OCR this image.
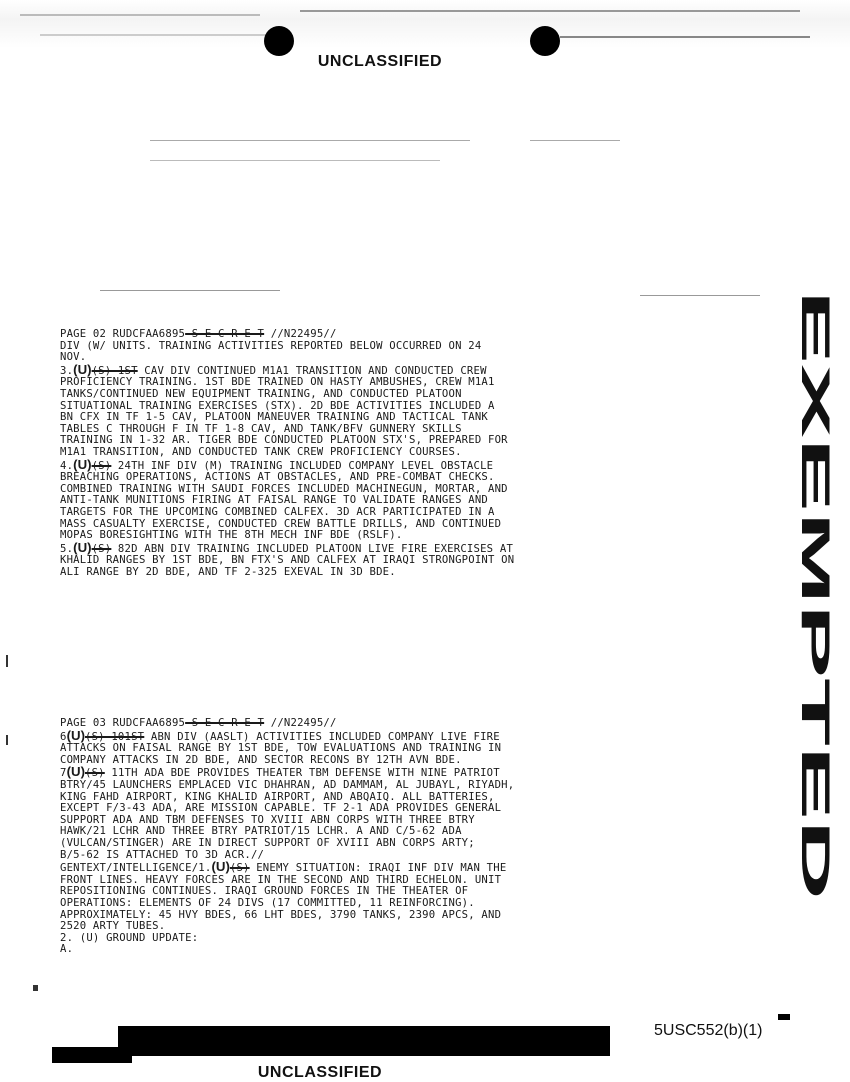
UNCLASSIFIED
PAGE 02 RUDCFAA6895 S E C R E T //N22495//
DIV (W/ UNITS. TRAINING ACTIVITIES REPORTED BELOW OCCURRED ON 24
NOV.
3.(U)(S) 1ST CAV DIV CONTINUED M1A1 TRANSITION AND CONDUCTED CREW
PROFICIENCY TRAINING. 1ST BDE TRAINED ON HASTY AMBUSHES, CREW M1A1
TANKS/CONTINUED NEW EQUIPMENT TRAINING, AND CONDUCTED PLATOON
SITUATIONAL TRAINING EXERCISES (STX). 2D BDE ACTIVITIES INCLUDED A
BN CFX IN TF 1-5 CAV, PLATOON MANEUVER TRAINING AND TACTICAL TANK
TABLES C THROUGH F IN TF 1-8 CAV, AND TANK/BFV GUNNERY SKILLS
TRAINING IN 1-32 AR. TIGER BDE CONDUCTED PLATOON STX'S, PREPARED FOR
M1A1 TRANSITION, AND CONDUCTED TANK CREW PROFICIENCY COURSES.
4.(U)(S) 24TH INF DIV (M) TRAINING INCLUDED COMPANY LEVEL OBSTACLE
BREACHING OPERATIONS, ACTIONS AT OBSTACLES, AND PRE-COMBAT CHECKS.
COMBINED TRAINING WITH SAUDI FORCES INCLUDED MACHINEGUN, MORTAR, AND
ANTI-TANK MUNITIONS FIRING AT FAISAL RANGE TO VALIDATE RANGES AND
TARGETS FOR THE UPCOMING COMBINED CALFEX. 3D ACR PARTICIPATED IN A
MASS CASUALTY EXERCISE, CONDUCTED CREW BATTLE DRILLS, AND CONTINUED
MOPAS BORESIGHTING WITH THE 8TH MECH INF BDE (RSLF).
5.(U)(S) 82D ABN DIV TRAINING INCLUDED PLATOON LIVE FIRE EXERCISES AT
KHALID RANGES BY 1ST BDE, BN FTX'S AND CALFEX AT IRAQI STRONGPOINT ON
ALI RANGE BY 2D BDE, AND TF 2-325 EXEVAL IN 3D BDE.
PAGE 03 RUDCFAA6895 S E C R E T //N22495//
6(U)(S) 101ST ABN DIV (AASLT) ACTIVITIES INCLUDED COMPANY LIVE FIRE
ATTACKS ON FAISAL RANGE BY 1ST BDE, TOW EVALUATIONS AND TRAINING IN
COMPANY ATTACKS IN 2D BDE, AND SECTOR RECONS BY 12TH AVN BDE.
7(U)(S) 11TH ADA BDE PROVIDES THEATER TBM DEFENSE WITH NINE PATRIOT
BTRY/45 LAUNCHERS EMPLACED VIC DHAHRAN, AD DAMMAM, AL JUBAYL, RIYADH,
KING FAHD AIRPORT, KING KHALID AIRPORT, AND ABQAIQ. ALL BATTERIES,
EXCEPT F/3-43 ADA, ARE MISSION CAPABLE. TF 2-1 ADA PROVIDES GENERAL
SUPPORT ADA AND TBM DEFENSES TO XVIII ABN CORPS WITH THREE BTRY
HAWK/21 LCHR AND THREE BTRY PATRIOT/15 LCHR. A AND C/5-62 ADA
(VULCAN/STINGER) ARE IN DIRECT SUPPORT OF XVIII ABN CORPS ARTY;
B/5-62 IS ATTACHED TO 3D ACR.//
GENTEXT/INTELLIGENCE/1.(U)(S) ENEMY SITUATION: IRAQI INF DIV MAN THE
FRONT LINES. HEAVY FORCES ARE IN THE SECOND AND THIRD ECHELON. UNIT
REPOSITIONING CONTINUES. IRAQI GROUND FORCES IN THE THEATER OF
OPERATIONS: ELEMENTS OF 24 DIVS (17 COMMITTED, 11 REINFORCING).
APPROXIMATELY: 45 HVY BDES, 66 LHT BDES, 3790 TANKS, 2390 APCS, AND
2520 ARTY TUBES.
2. (U) GROUND UPDATE:
A.
5USC552(b)(1)
UNCLASSIFIED
EXEMPTED
